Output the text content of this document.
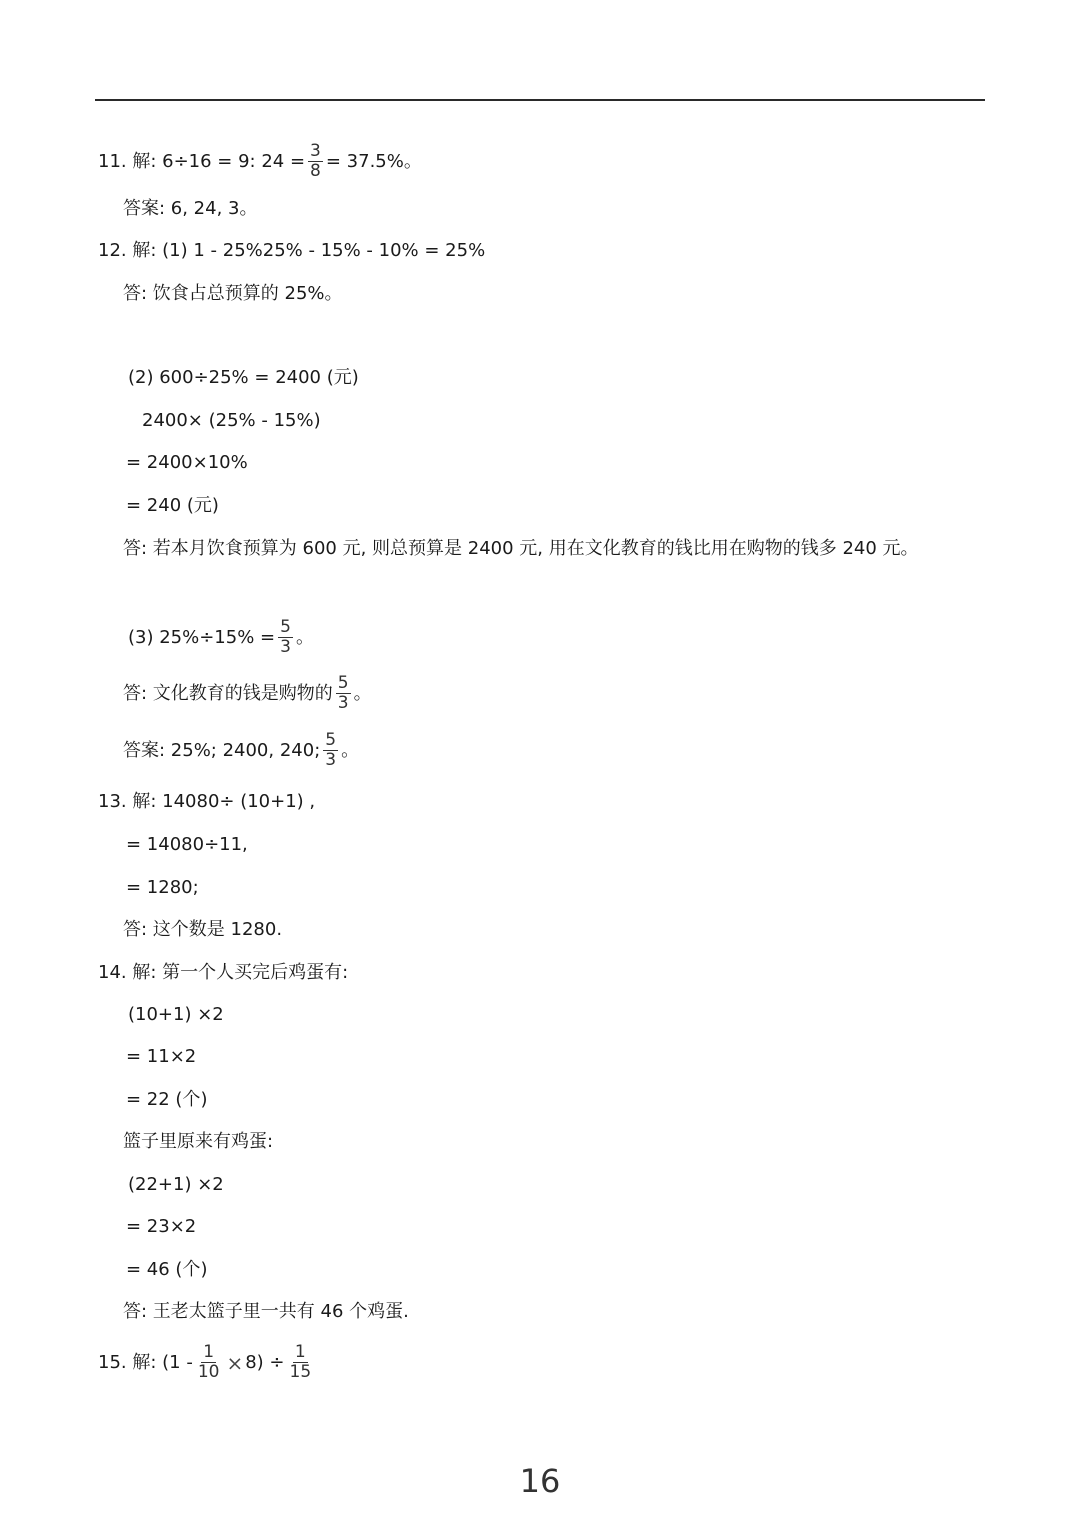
11. 解: 6÷16 = 9: $24 = \frac{3}{8} = 37.5\%$。
答案: 6, 24, 3。
12. 解: (1) 1 - 25%25% - 15% - 10% = 25%
答: 饮食占总预算的 25%。
(2) 600÷25% = 2400 (元)
2400× (25% - 15%)
= 2400×10%
= 240 (元)
答: 若本月饮食预算为 600 元, 则总预算是 2400 元, 用在文化教育的钱比用在购物的钱多 240 元。
(3) $25\%\div 15\% = \frac{5}{3}$ 。
答: 文化教育的钱是购物的 $\frac{5}{3}$ 。
答案: 25%; 2400, 240; $\frac{5}{3}$ 。
13. 解: 14080÷ (10+1) ,
= 14080÷11,
= 1280;
答: 这个数是 1280.
14. 解: 第一个人买完后鸡蛋有:
(10+1) ×2
= 11×2
= 22 (个)
篮子里原来有鸡蛋:
(22+1) ×2
= 23×2
= 46 (个)
答: 王老太篮子里一共有 46 个鸡蛋.
15. 解: $(1 - \frac{1}{10} \times 8) \div \frac{1}{15}$
16
